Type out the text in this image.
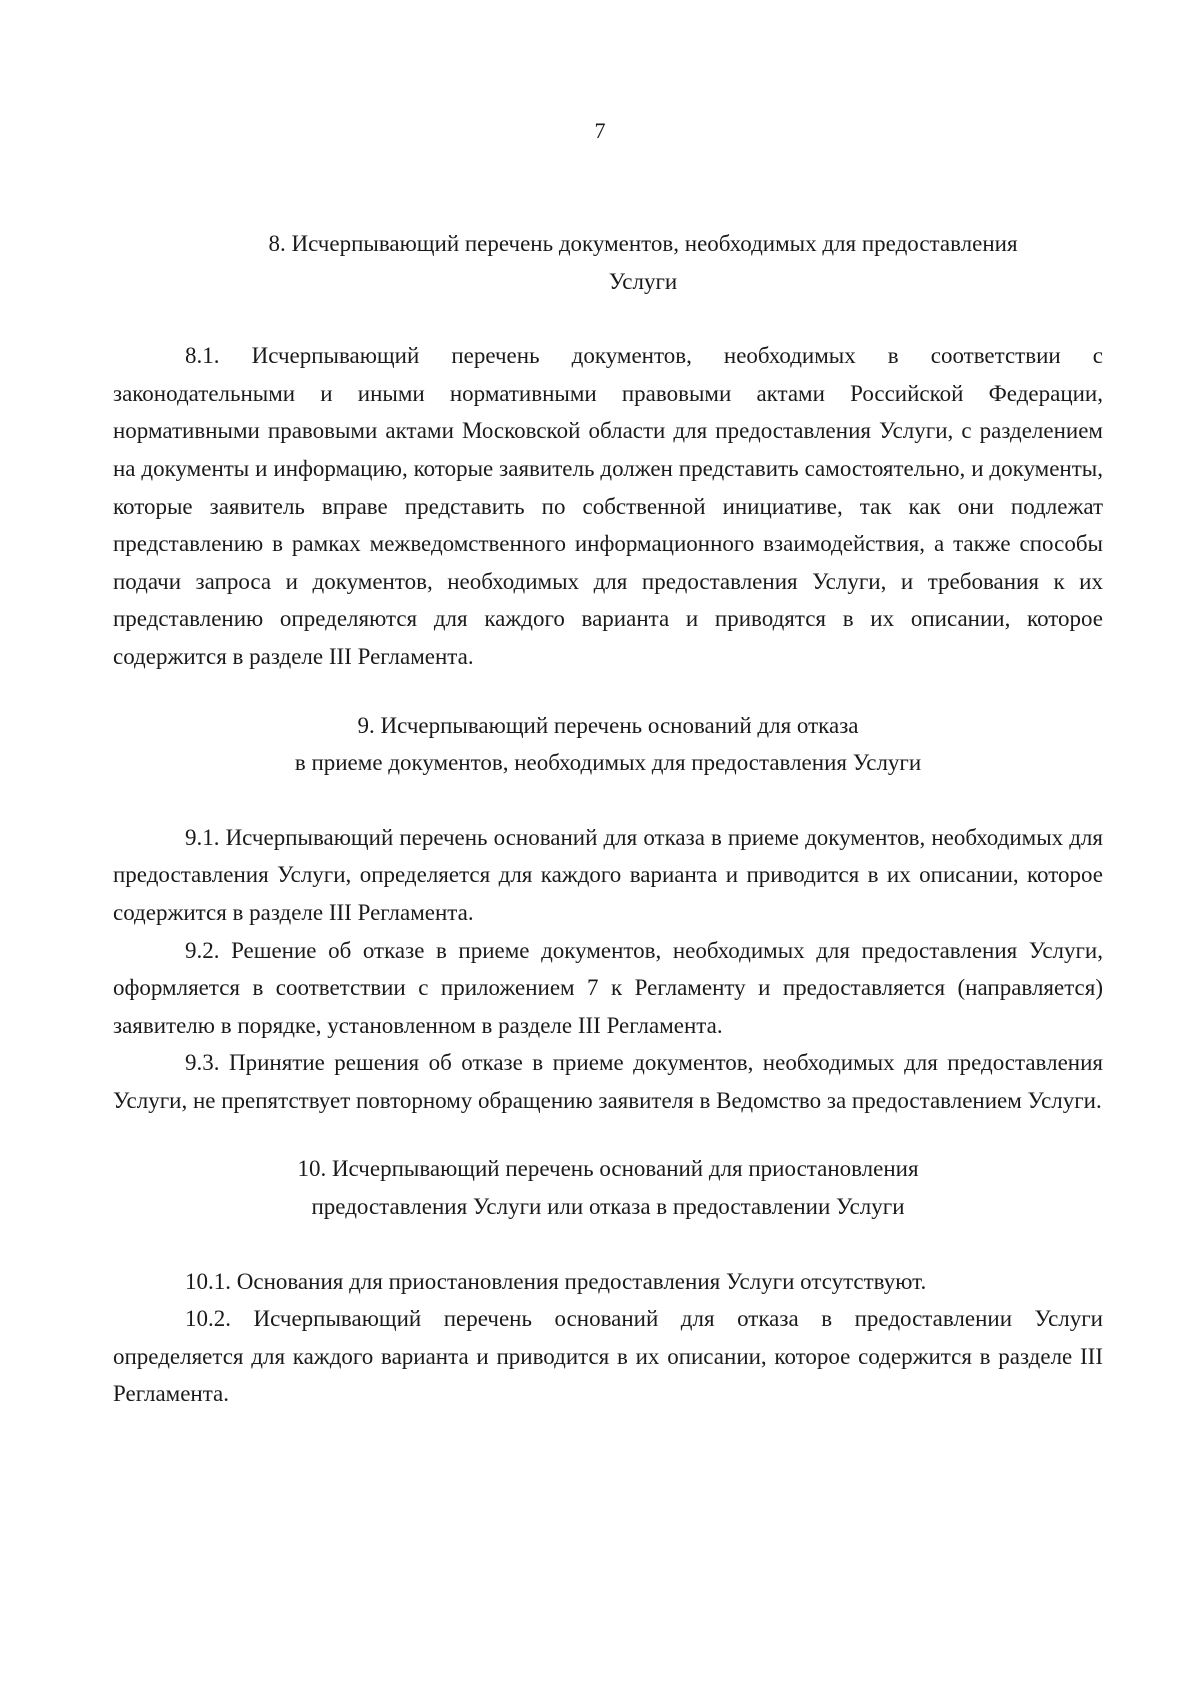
7
8. Исчерпывающий перечень документов, необходимых для предоставления
Услуги

8.1. Исчерпывающий перечень документов, необходимых в соответствии с законодательными и иными нормативными правовыми актами Российской Федерации, нормативными правовыми актами Московской области для предоставления Услуги, с разделением на документы и информацию, которые заявитель должен представить самостоятельно, и документы, которые заявитель вправе представить по собственной инициативе, так как они подлежат представлению в рамках межведомственного информационного взаимодействия, а также способы подачи запроса и документов, необходимых для предоставления Услуги, и требования к их представлению определяются для каждого варианта и приводятся в их описании, которое содержится в разделе III Регламента.

9. Исчерпывающий перечень оснований для отказа
в приеме документов, необходимых для предоставления Услуги

9.1. Исчерпывающий перечень оснований для отказа в приеме документов, необходимых для предоставления Услуги, определяется для каждого варианта и приводится в их описании, которое содержится в разделе III Регламента.

9.2. Решение об отказе в приеме документов, необходимых для предоставления Услуги, оформляется в соответствии с приложением 7 к Регламенту и предоставляется (направляется) заявителю в порядке, установленном в разделе III Регламента.

9.3. Принятие решения об отказе в приеме документов, необходимых для предоставления Услуги, не препятствует повторному обращению заявителя в Ведомство за предоставлением Услуги.

10. Исчерпывающий перечень оснований для приостановления
предоставления Услуги или отказа в предоставлении Услуги

10.1. Основания для приостановления предоставления Услуги отсутствуют.

10.2. Исчерпывающий перечень оснований для отказа в предоставлении Услуги определяется для каждого варианта и приводится в их описании, которое содержится в разделе III Регламента.
